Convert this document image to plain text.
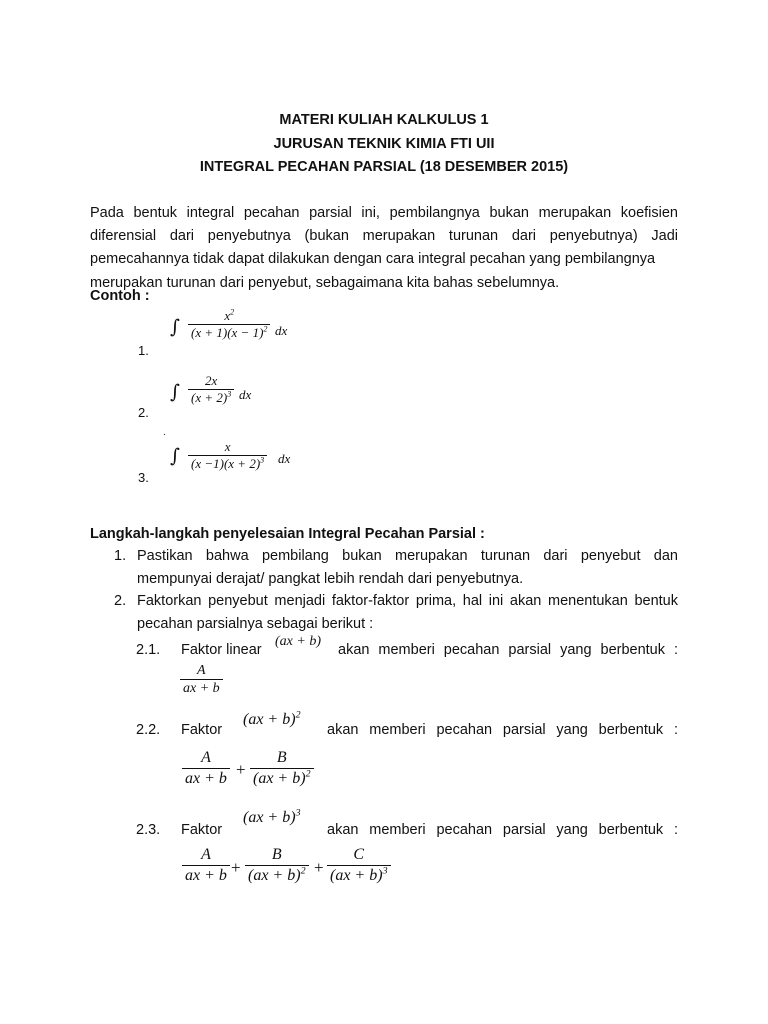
MATERI KULIAH KALKULUS 1
JURUSAN TEKNIK KIMIA FTI UII
INTEGRAL PECAHAN PARSIAL (18 DESEMBER 2015)
Pada bentuk integral pecahan parsial ini, pembilangnya bukan merupakan koefisien diferensial dari penyebutnya (bukan merupakan turunan dari penyebutnya) Jadi pemecahannya tidak dapat dilakukan dengan cara integral pecahan yang pembilangnya
merupakan turunan dari penyebut, sebagaimana kita bahas sebelumnya.
Contoh :
1.
∫ $\frac{x^2}{(x + 1)(x - 1)^2}$ dx
2.
∫ $\frac{2x}{(x + 2)^3}$ dx
.
3.
∫ $\frac{x}{(x -1)(x + 2)^3}$ dx
Langkah-langkah penyelesaian Integral Pecahan Parsial :
1. Pastikan bahwa pembilang bukan merupakan turunan dari penyebut dan
mempunyai derajat/ pangkat lebih rendah dari penyebutnya.
2. Faktorkan penyebut menjadi faktor-faktor prima, hal ini akan menentukan bentuk
pecahan parsialnya sebagai berikut :
2.1. Faktor linear
(ax + b)
akan memberi pecahan parsial yang berbentuk :
$\frac{A}{ax + b}$
2.2. Faktor
(ax + b)$^2$
akan memberi pecahan parsial yang berbentuk :
$\frac{A}{ax + b} + \frac{B}{(ax + b)^2}$
2.3. Faktor
(ax + b)$^3$
akan memberi pecahan parsial yang berbentuk :
$\frac{A}{ax + b} + \frac{B}{(ax + b)^2} + \frac{C}{(ax + b)^3}$
